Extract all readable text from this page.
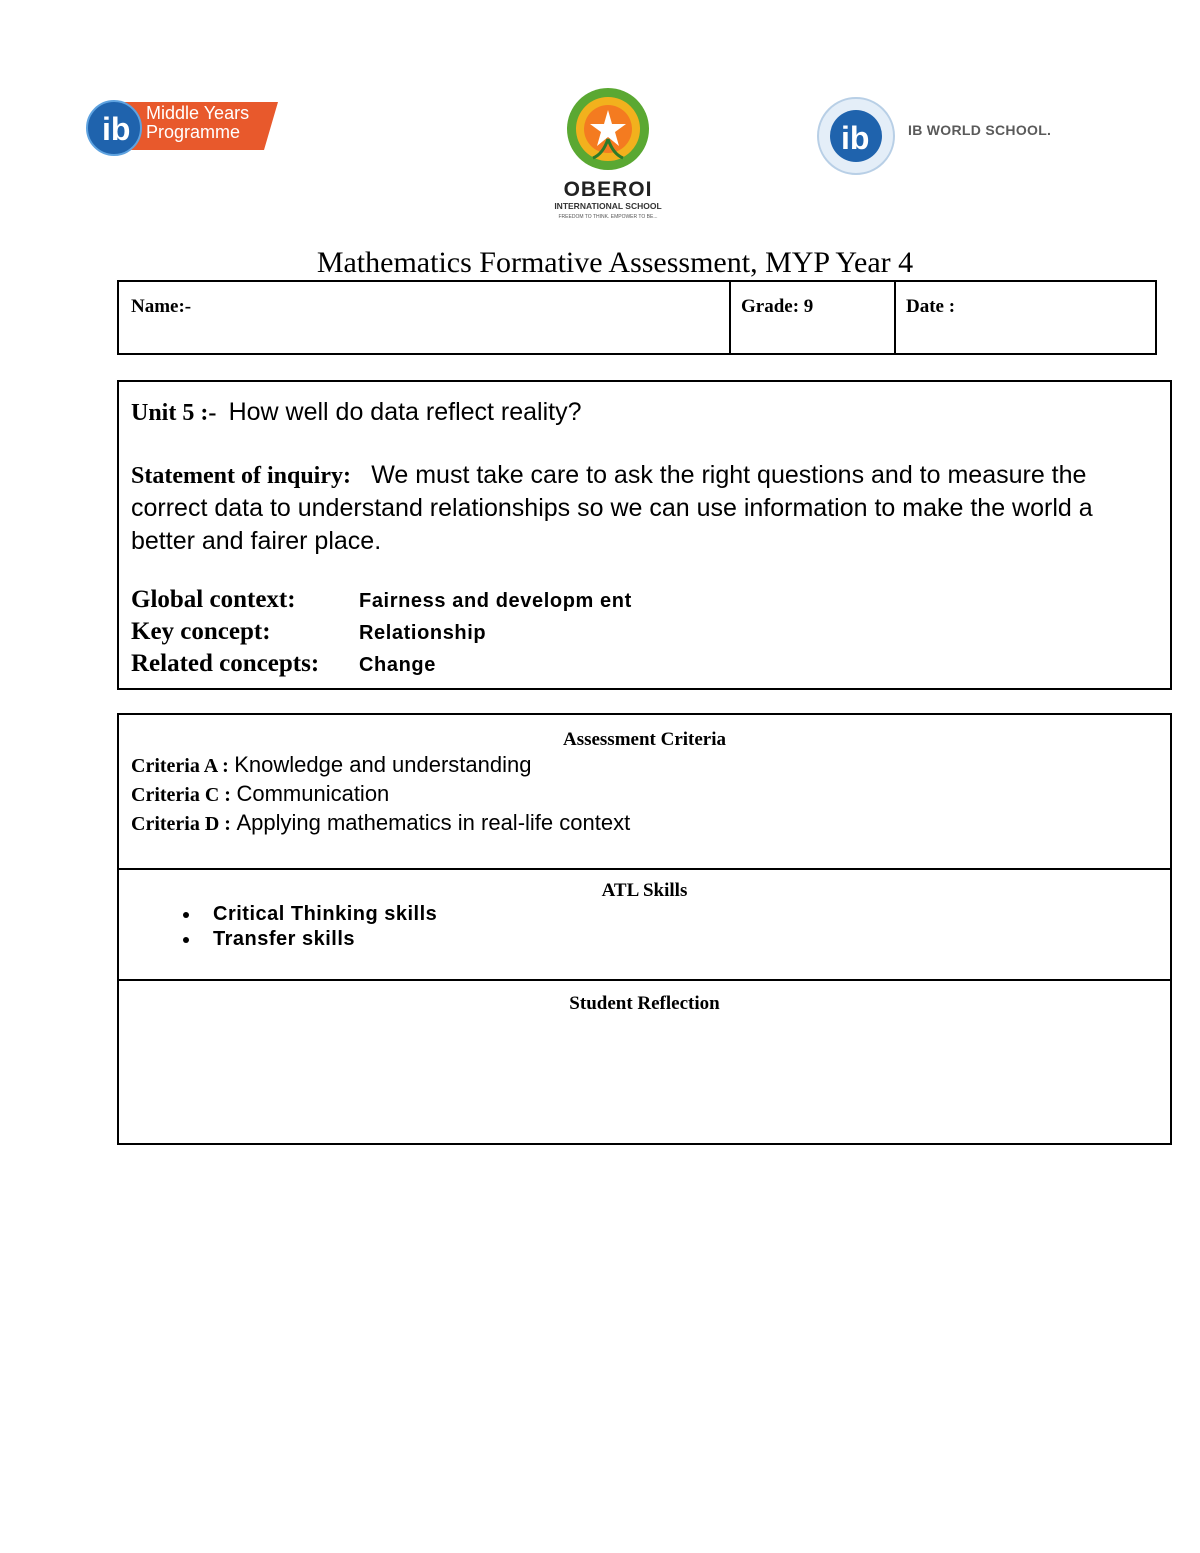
ib Middle Years
Programme
OBEROI
INTERNATIONAL SCHOOL
FREEDOM TO THINK. EMPOWER TO BE...
ib	IB WORLD SCHOOL.
Mathematics Formative Assessment, MYP Year 4
Name:-	Grade: 9	Date :
Unit 5 :- How well do data reflect reality?
Statement of inquiry: We must take care to ask the right questions and to measure the correct data to understand relationships so we can use information to make the world a better and fairer place.
Global context:	Fairness and developm ent
Key concept:	Relationship
Related concepts:	Change
Assessment Criteria
Criteria A : Knowledge and understanding
Criteria C : Communication
Criteria D : Applying mathematics in real-life context
ATL Skills
• Critical Thinking skills
• Transfer skills
Student Reflection
